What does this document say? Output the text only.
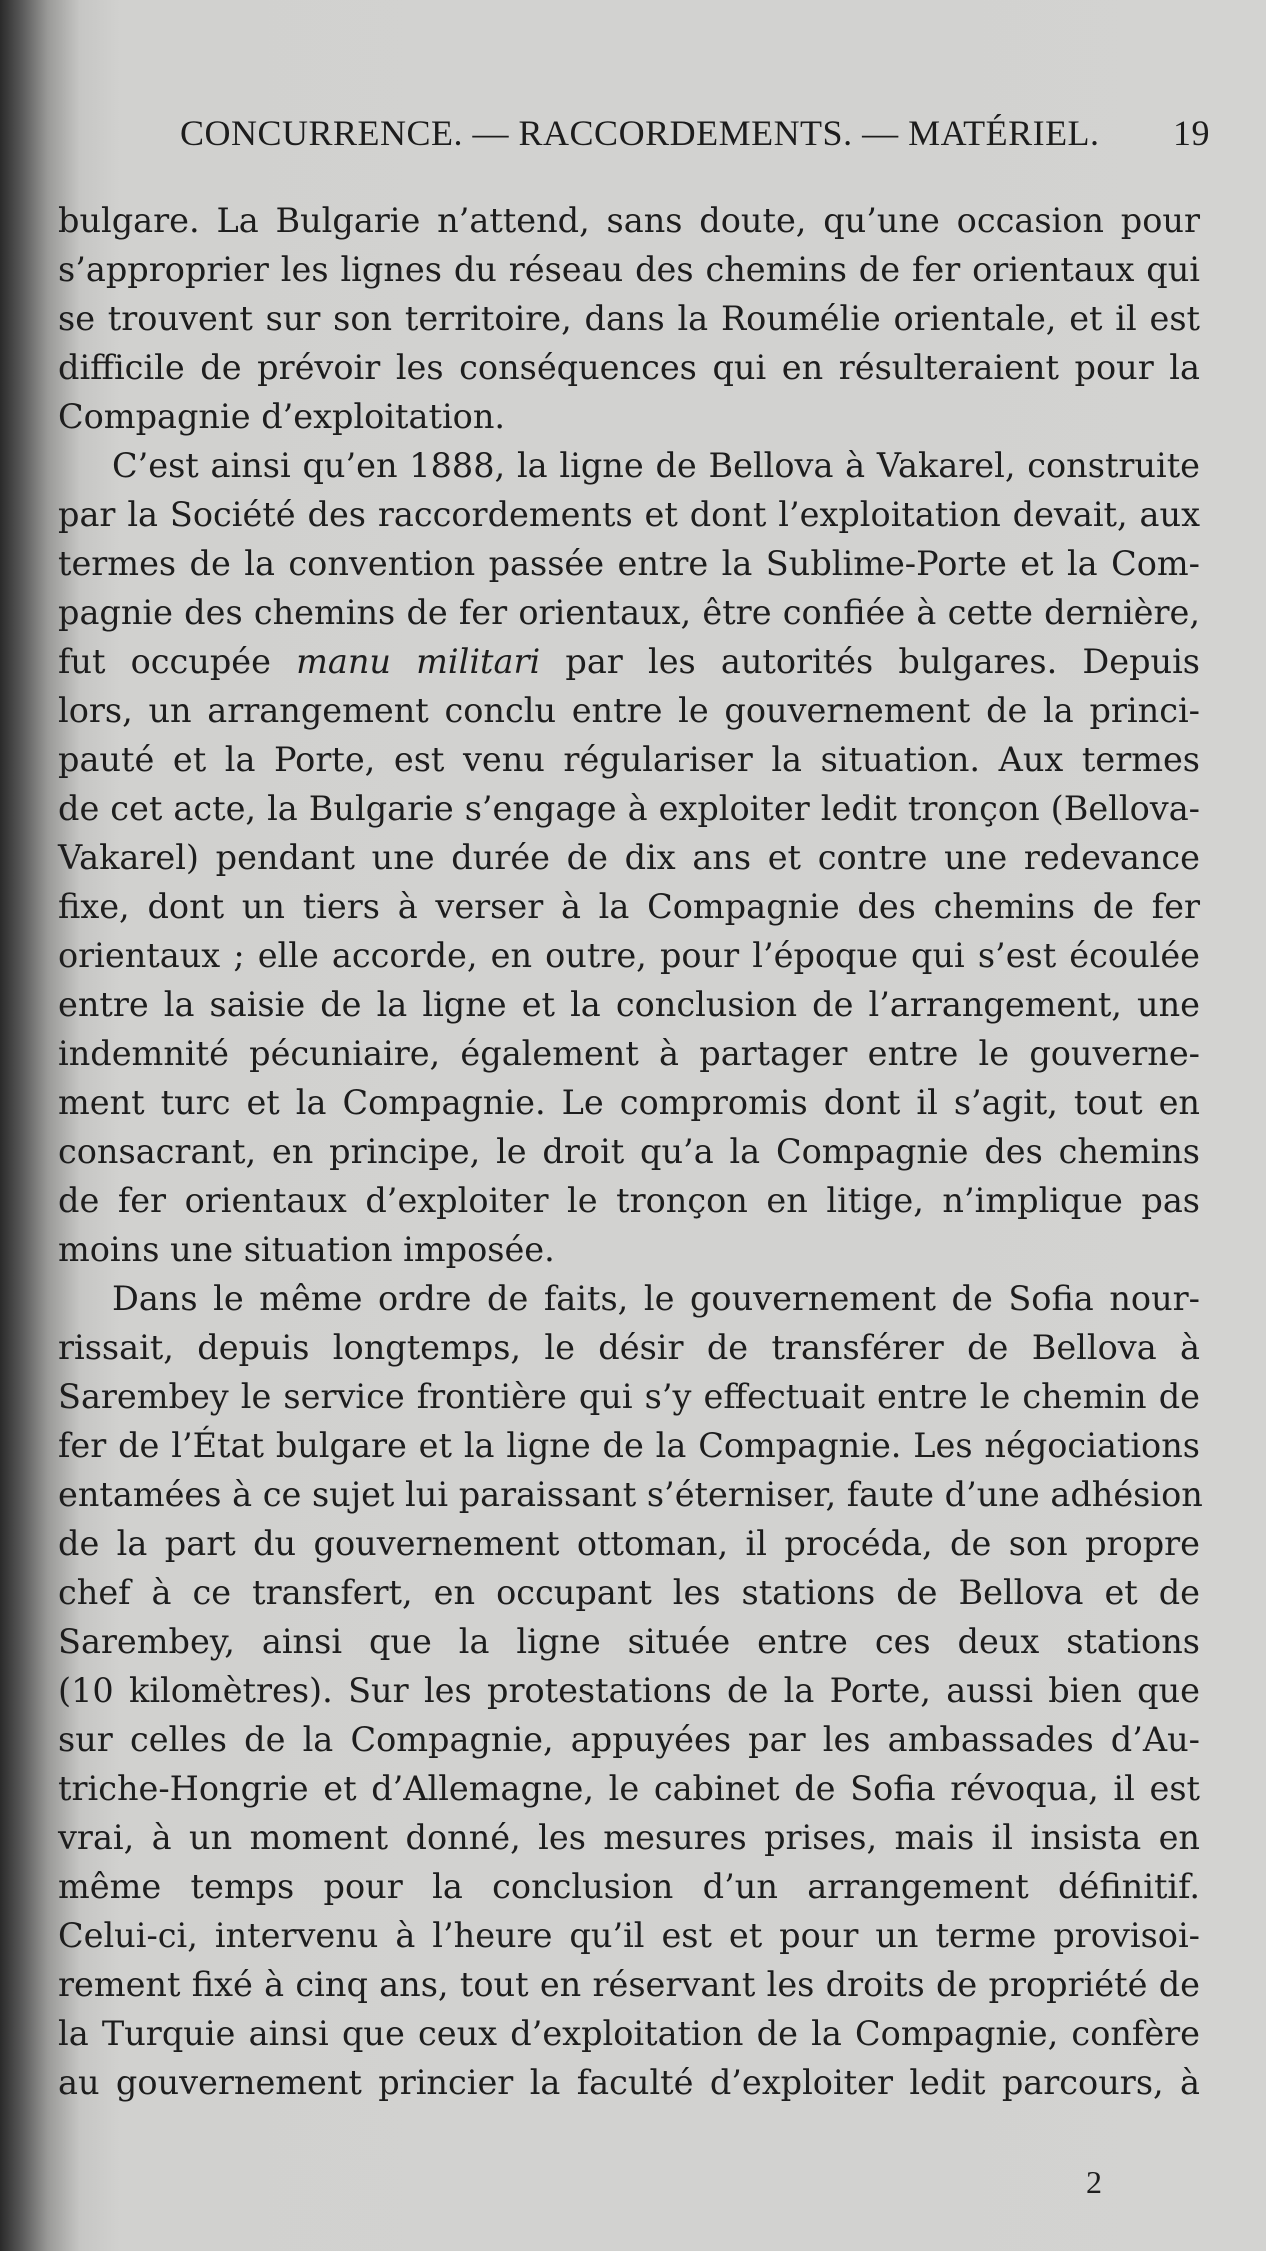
CONCURRENCE. — RACCORDEMENTS. — MATÉRIEL. 19
bulgare. La Bulgarie n’attend, sans doute, qu’une occasion pour
s’approprier les lignes du réseau des chemins de fer orientaux qui
se trouvent sur son territoire, dans la Roumélie orientale, et il est
difficile de prévoir les conséquences qui en résulteraient pour la
Compagnie d’exploitation.
C’est ainsi qu’en 1888, la ligne de Bellova à Vakarel, construite
par la Société des raccordements et dont l’exploitation devait, aux
termes de la convention passée entre la Sublime-Porte et la Com-
pagnie des chemins de fer orientaux, être confiée à cette dernière,
fut occupée manu militari par les autorités bulgares. Depuis
lors, un arrangement conclu entre le gouvernement de la princi-
pauté et la Porte, est venu régulariser la situation. Aux termes
de cet acte, la Bulgarie s’engage à exploiter ledit tronçon (Bellova-
Vakarel) pendant une durée de dix ans et contre une redevance
fixe, dont un tiers à verser à la Compagnie des chemins de fer
orientaux ; elle accorde, en outre, pour l’époque qui s’est écoulée
entre la saisie de la ligne et la conclusion de l’arrangement, une
indemnité pécuniaire, également à partager entre le gouverne-
ment turc et la Compagnie. Le compromis dont il s’agit, tout en
consacrant, en principe, le droit qu’a la Compagnie des chemins
de fer orientaux d’exploiter le tronçon en litige, n’implique pas
moins une situation imposée.
Dans le même ordre de faits, le gouvernement de Sofia nour-
rissait, depuis longtemps, le désir de transférer de Bellova à
Sarembey le service frontière qui s’y effectuait entre le chemin de
fer de l’État bulgare et la ligne de la Compagnie. Les négociations
entamées à ce sujet lui paraissant s’éterniser, faute d’une adhésion
de la part du gouvernement ottoman, il procéda, de son propre
chef à ce transfert, en occupant les stations de Bellova et de
Sarembey, ainsi que la ligne située entre ces deux stations
(10 kilomètres). Sur les protestations de la Porte, aussi bien que
sur celles de la Compagnie, appuyées par les ambassades d’Au-
triche-Hongrie et d’Allemagne, le cabinet de Sofia révoqua, il est
vrai, à un moment donné, les mesures prises, mais il insista en
même temps pour la conclusion d’un arrangement définitif.
Celui-ci, intervenu à l’heure qu’il est et pour un terme provisoi-
rement fixé à cinq ans, tout en réservant les droits de propriété de
la Turquie ainsi que ceux d’exploitation de la Compagnie, confère
au gouvernement princier la faculté d’exploiter ledit parcours, à
2
